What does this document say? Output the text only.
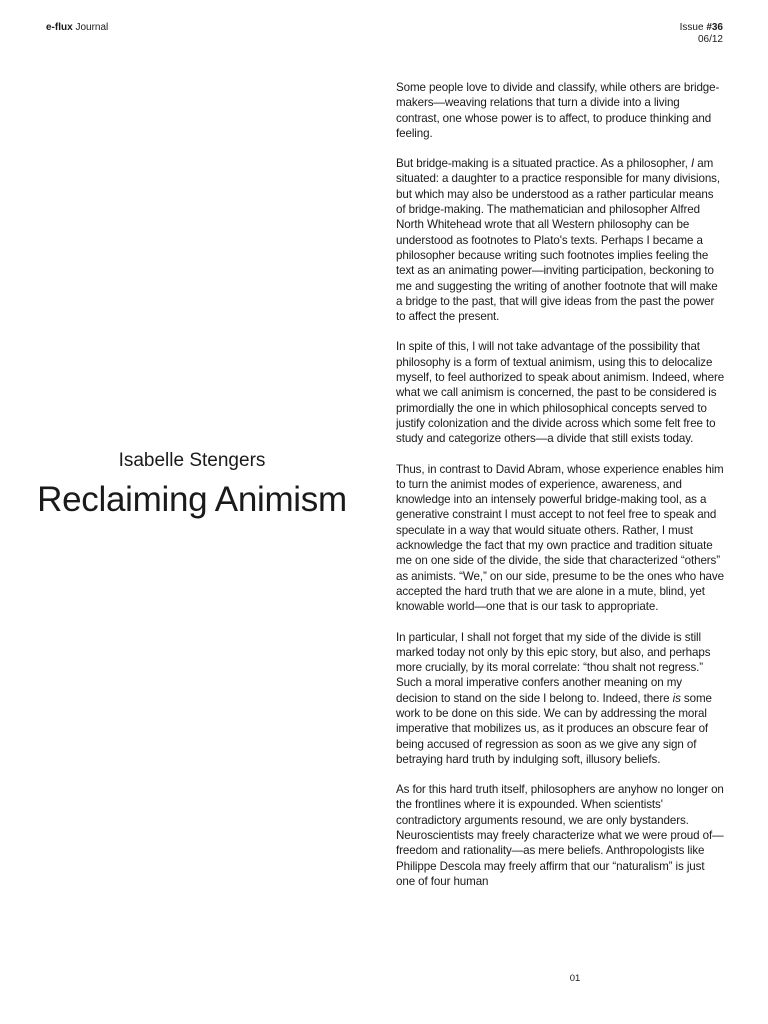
e-flux Journal	Issue #36
06/12
Isabelle Stengers
Reclaiming Animism

Some people love to divide and classify, while others are bridge-makers—weaving relations that turn a divide into a living contrast, one whose power is to affect, to produce thinking and feeling.

But bridge-making is a situated practice. As a philosopher, I am situated: a daughter to a practice responsible for many divisions, but which may also be understood as a rather particular means of bridge-making. The mathematician and philosopher Alfred North Whitehead wrote that all Western philosophy can be understood as footnotes to Plato's texts. Perhaps I became a philosopher because writing such footnotes implies feeling the text as an animating power—inviting participation, beckoning to me and suggesting the writing of another footnote that will make a bridge to the past, that will give ideas from the past the power to affect the present.

In spite of this, I will not take advantage of the possibility that philosophy is a form of textual animism, using this to delocalize myself, to feel authorized to speak about animism. Indeed, where what we call animism is concerned, the past to be considered is primordially the one in which philosophical concepts served to justify colonization and the divide across which some felt free to study and categorize others—a divide that still exists today.

Thus, in contrast to David Abram, whose experience enables him to turn the animist modes of experience, awareness, and knowledge into an intensely powerful bridge-making tool, as a generative constraint I must accept to not feel free to speak and speculate in a way that would situate others. Rather, I must acknowledge the fact that my own practice and tradition situate me on one side of the divide, the side that characterized “others” as animists. “We,” on our side, presume to be the ones who have accepted the hard truth that we are alone in a mute, blind, yet knowable world—one that is our task to appropriate.

In particular, I shall not forget that my side of the divide is still marked today not only by this epic story, but also, and perhaps more crucially, by its moral correlate: “thou shalt not regress.” Such a moral imperative confers another meaning on my decision to stand on the side I belong to. Indeed, there is some work to be done on this side. We can by addressing the moral imperative that mobilizes us, as it produces an obscure fear of being accused of regression as soon as we give any sign of betraying hard truth by indulging soft, illusory beliefs.

As for this hard truth itself, philosophers are anyhow no longer on the frontlines where it is expounded. When scientists' contradictory arguments resound, we are only bystanders. Neuroscientists may freely characterize what we were proud of—freedom and rationality—as mere beliefs. Anthropologists like Philippe Descola may freely affirm that our “naturalism” is just one of four human

01
